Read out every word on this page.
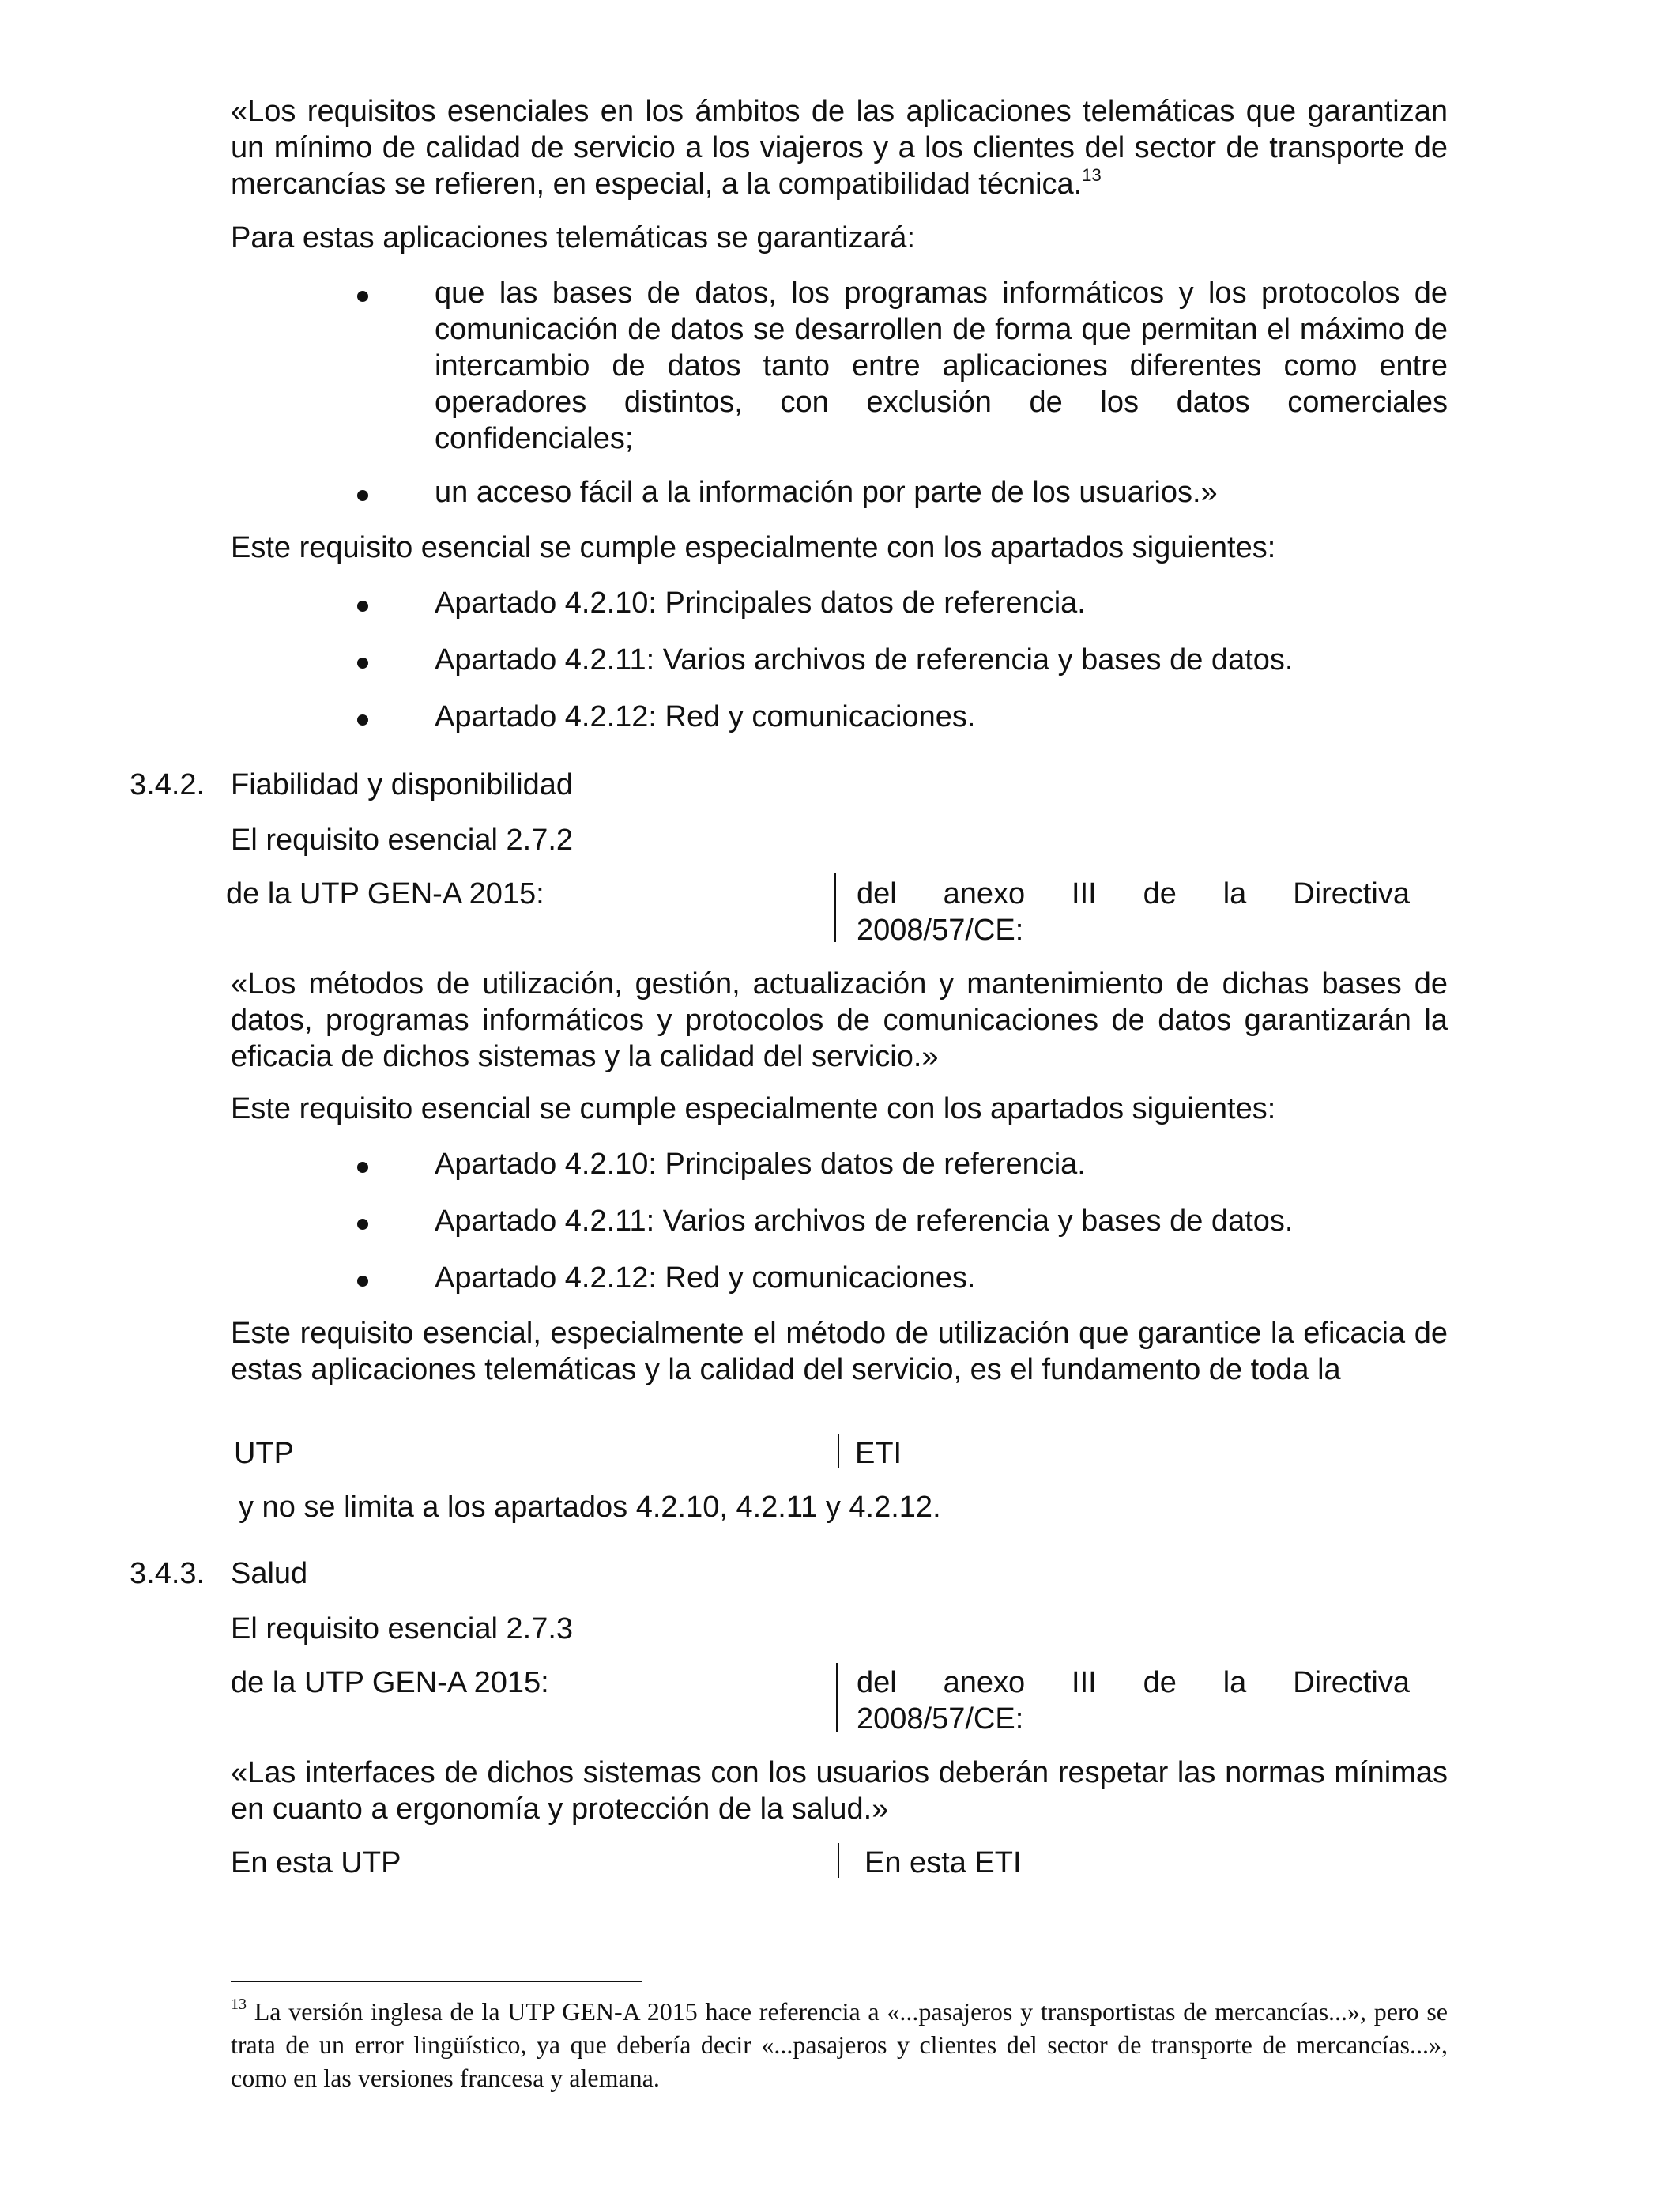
«Los requisitos esenciales en los ámbitos de las aplicaciones telemáticas que garantizan un mínimo de calidad de servicio a los viajeros y a los clientes del sector de transporte de mercancías se refieren, en especial, a la compatibilidad técnica.$^{13}$
Para estas aplicaciones telemáticas se garantizará:
que las bases de datos, los programas informáticos y los protocolos de comunicación de datos se desarrollen de forma que permitan el máximo de intercambio de datos tanto entre aplicaciones diferentes como entre operadores distintos, con exclusión de los datos comerciales confidenciales;
un acceso fácil a la información por parte de los usuarios.»
Este requisito esencial se cumple especialmente con los apartados siguientes:
Apartado 4.2.10: Principales datos de referencia.
Apartado 4.2.11: Varios archivos de referencia y bases de datos.
Apartado 4.2.12: Red y comunicaciones.
3.4.2. Fiabilidad y disponibilidad
El requisito esencial 2.7.2
de la UTP GEN-A 2015:	del anexo III de la Directiva
2008/57/CE:
«Los métodos de utilización, gestión, actualización y mantenimiento de dichas bases de datos, programas informáticos y protocolos de comunicaciones de datos garantizarán la eficacia de dichos sistemas y la calidad del servicio.»
Este requisito esencial se cumple especialmente con los apartados siguientes:
Apartado 4.2.10: Principales datos de referencia.
Apartado 4.2.11: Varios archivos de referencia y bases de datos.
Apartado 4.2.12: Red y comunicaciones.
Este requisito esencial, especialmente el método de utilización que garantice la eficacia de estas aplicaciones telemáticas y la calidad del servicio, es el fundamento de toda la
UTP	ETI
y no se limita a los apartados 4.2.10, 4.2.11 y 4.2.12.
3.4.3. Salud
El requisito esencial 2.7.3
de la UTP GEN-A 2015:	del anexo III de la Directiva
2008/57/CE:
«Las interfaces de dichos sistemas con los usuarios deberán respetar las normas mínimas en cuanto a ergonomía y protección de la salud.»
En esta UTP	En esta ETI
$^{13}$ La versión inglesa de la UTP GEN-A 2015 hace referencia a «...pasajeros y transportistas de mercancías...», pero se trata de un error lingüístico, ya que debería decir «...pasajeros y clientes del sector de transporte de mercancías...», como en las versiones francesa y alemana.
